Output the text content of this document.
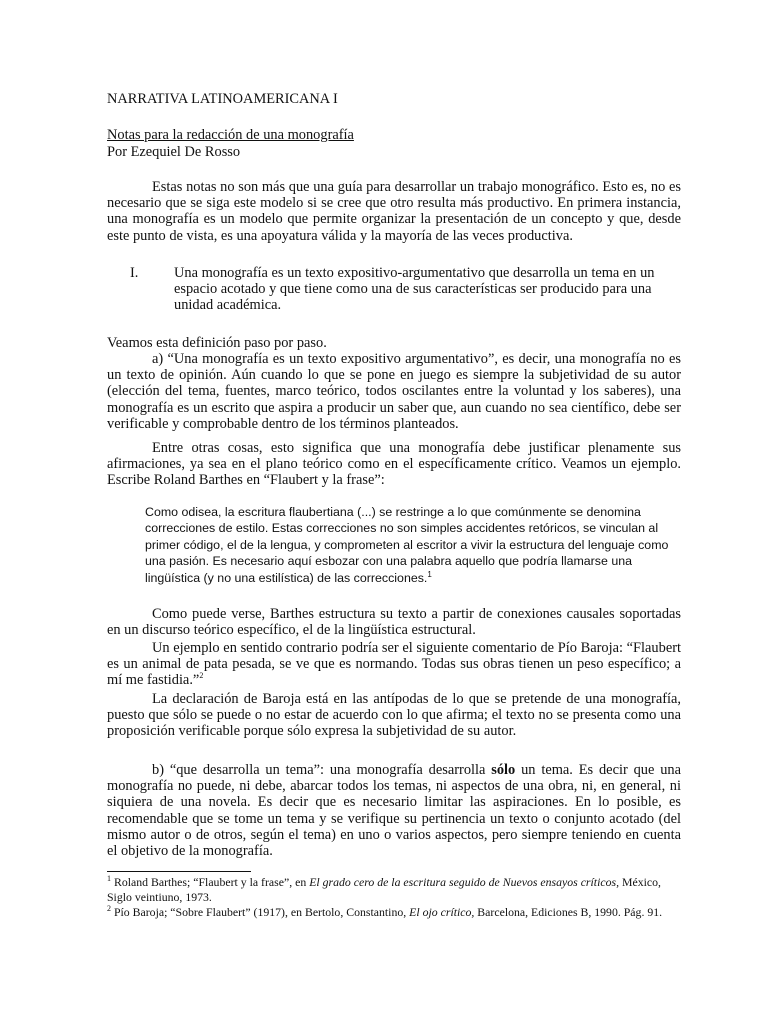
NARRATIVA LATINOAMERICANA I
Notas para la redacción de una monografía
Por Ezequiel De Rosso
Estas notas no son más que una guía para desarrollar un trabajo monográfico. Esto es, no es necesario que se siga este modelo si se cree que otro resulta más productivo. En primera instancia, una monografía es un modelo que permite organizar la presentación de un concepto y que, desde este punto de vista, es una apoyatura válida y la mayoría de las veces productiva.
I. Una monografía es un texto expositivo-argumentativo que desarrolla un tema en un espacio acotado y que tiene como una de sus características ser producido para una unidad académica.
Veamos esta definición paso por paso.
a) “Una monografía es un texto expositivo argumentativo”, es decir, una monografía no es un texto de opinión. Aún cuando lo que se pone en juego es siempre la subjetividad de su autor (elección del tema, fuentes, marco teórico, todos oscilantes entre la voluntad y los saberes), una monografía es un escrito que aspira a producir un saber que, aun cuando no sea científico, debe ser verificable y comprobable dentro de los términos planteados.
Entre otras cosas, esto significa que una monografía debe justificar plenamente sus afirmaciones, ya sea en el plano teórico como en el específicamente crítico. Veamos un ejemplo. Escribe Roland Barthes en “Flaubert y la frase”:
Como odisea, la escritura flaubertiana (...) se restringe a lo que comúnmente se denomina correcciones de estilo. Estas correcciones no son simples accidentes retóricos, se vinculan al primer código, el de la lengua, y comprometen al escritor a vivir la estructura del lenguaje como una pasión. Es necesario aquí esbozar con una palabra aquello que podría llamarse una lingüística (y no una estilística) de las correcciones.$^1$
Como puede verse, Barthes estructura su texto a partir de conexiones causales soportadas en un discurso teórico específico, el de la lingüística estructural.
Un ejemplo en sentido contrario podría ser el siguiente comentario de Pío Baroja: “Flaubert es un animal de pata pesada, se ve que es normando. Todas sus obras tienen un peso específico; a mí me fastidia.”$^2$
La declaración de Baroja está en las antípodas de lo que se pretende de una monografía, puesto que sólo se puede o no estar de acuerdo con lo que afirma; el texto no se presenta como una proposición verificable porque sólo expresa la subjetividad de su autor.
b) “que desarrolla un tema”: una monografía desarrolla sólo un tema. Es decir que una monografía no puede, ni debe, abarcar todos los temas, ni aspectos de una obra, ni, en general, ni siquiera de una novela. Es decir que es necesario limitar las aspiraciones. En lo posible, es recomendable que se tome un tema y se verifique su pertinencia un texto o conjunto acotado (del mismo autor o de otros, según el tema) en uno o varios aspectos, pero siempre teniendo en cuenta el objetivo de la monografía.
$^1$ Roland Barthes; “Flaubert y la frase”, en El grado cero de la escritura seguido de Nuevos ensayos críticos, México, Siglo veintiuno, 1973.
$^2$ Pío Baroja; “Sobre Flaubert” (1917), en Bertolo, Constantino, El ojo crítico, Barcelona, Ediciones B, 1990. Pág. 91.
